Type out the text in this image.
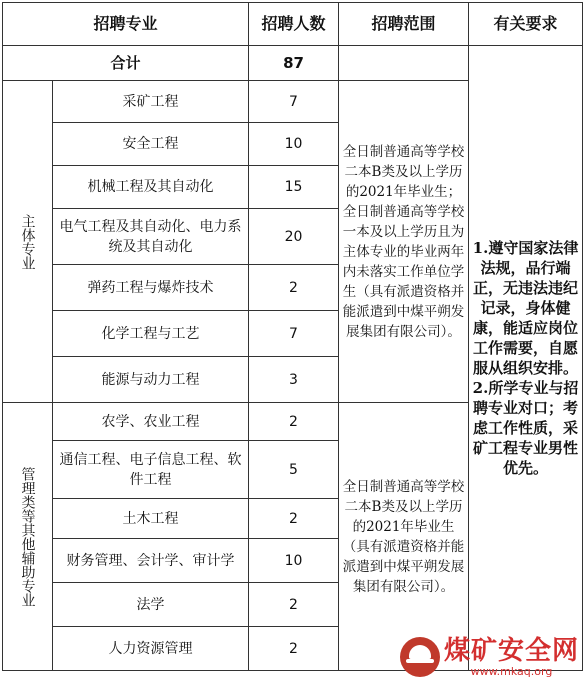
招聘专业		招聘人数	招聘范围	有关要求
合计		87		1.遵守国家法律法规，品行端正，无违法违纪记录，身体健康，能适应岗位工作需要，自愿服从组织安排。 2.所学专业与招聘专业对口；考虑工作性质，采矿工程专业男性优先。

主体专业	采矿工程	7	全日制普通高等学校二本B类及以上学历的2021年毕业生；全日制普通高等学校一本及以上学历且为主体专业的毕业两年内未落实工作单位学生（具有派遣资格并能派遣到中煤平朔发展集团有限公司）。	
	安全工程	10		
	机械工程及其自动化	15		
	电气工程及其自动化、电力系统及其自动化	20		
	弹药工程与爆炸技术	2		
	化学工程与工艺	7		
	能源与动力工程	3		

管理类等其他辅助专业	农学、农业工程	2	全日制普通高等学校二本B类及以上学历的2021年毕业生（具有派遣资格并能派遣到中煤平朔发展集团有限公司）。	
	通信工程、电子信息工程、软件工程	5		
	土木工程	2		
	财务管理、会计学、审计学	10		
	法学	2		
	人力资源管理	2			煤矿安全网
www.mkaq.org
